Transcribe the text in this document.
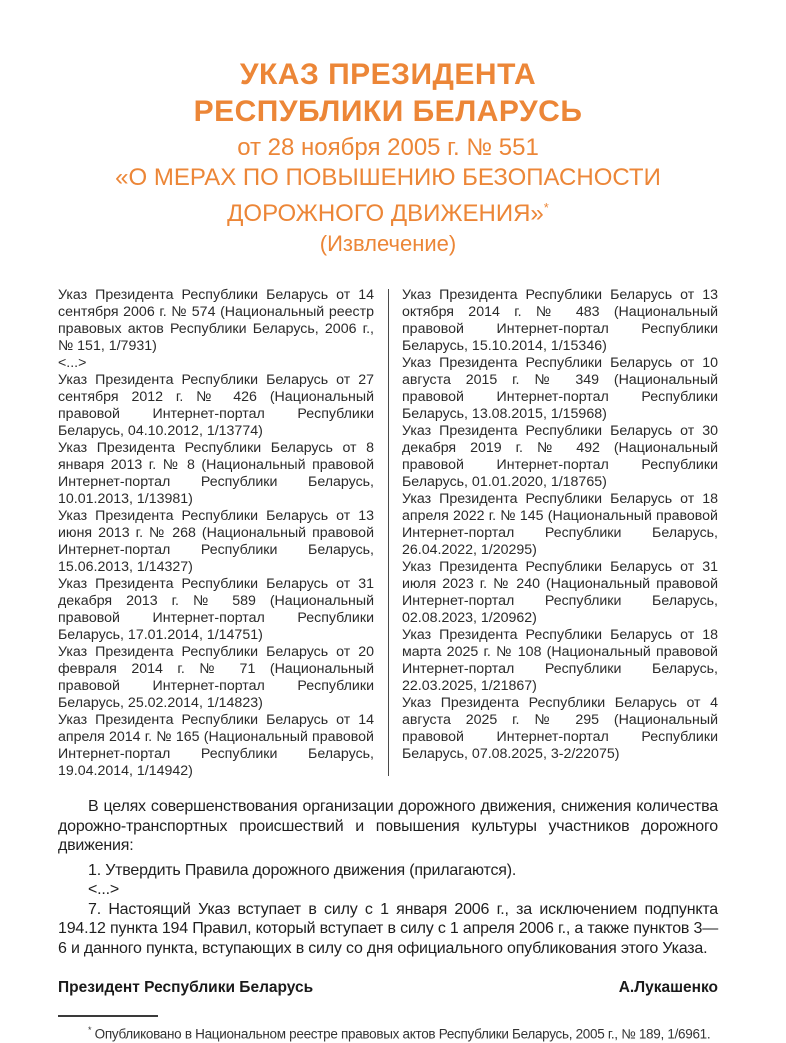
УКАЗ ПРЕЗИДЕНТА
РЕСПУБЛИКИ БЕЛАРУСЬ
от 28 ноября 2005 г. № 551
«О МЕРАХ ПО ПОВЫШЕНИЮ БЕЗОПАСНОСТИ
ДОРОЖНОГО ДВИЖЕНИЯ»*
(Извлечение)

Указ Президента Республики Беларусь от 14 сентября 2006 г. № 574 (Национальный реестр правовых актов Республики Беларусь, 2006 г., № 151, 1/7931)

<...>

Указ Президента Республики Беларусь от 27 сентября 2012 г. № 426 (Национальный правовой Интернет-портал Республики Беларусь, 04.10.2012, 1/13774)

Указ Президента Республики Беларусь от 8 января 2013 г. № 8 (Национальный правовой Интернет-портал Республики Беларусь, 10.01.2013, 1/13981)

Указ Президента Республики Беларусь от 13 июня 2013 г. № 268 (Национальный правовой Интернет-портал Республики Беларусь, 15.06.2013, 1/14327)

Указ Президента Республики Беларусь от 31 декабря 2013 г. № 589 (Национальный правовой Интернет-портал Республики Беларусь, 17.01.2014, 1/14751)

Указ Президента Республики Беларусь от 20 февраля 2014 г. № 71 (Национальный правовой Интернет-портал Республики Беларусь, 25.02.2014, 1/14823)

Указ Президента Республики Беларусь от 14 апреля 2014 г. № 165 (Национальный правовой Интернет-портал Республики Беларусь, 19.04.2014, 1/14942)

Указ Президента Республики Беларусь от 13 октября 2014 г. № 483 (Национальный правовой Интернет-портал Республики Беларусь, 15.10.2014, 1/15346)

Указ Президента Республики Беларусь от 10 августа 2015 г. № 349 (Национальный правовой Интернет-портал Республики Беларусь, 13.08.2015, 1/15968)

Указ Президента Республики Беларусь от 30 декабря 2019 г. № 492 (Национальный правовой Интернет-портал Республики Беларусь, 01.01.2020, 1/18765)

Указ Президента Республики Беларусь от 18 апреля 2022 г. № 145 (Национальный правовой Интернет-портал Республики Беларусь, 26.04.2022, 1/20295)

Указ Президента Республики Беларусь от 31 июля 2023 г. № 240 (Национальный правовой Интернет-портал Республики Беларусь, 02.08.2023, 1/20962)

Указ Президента Республики Беларусь от 18 марта 2025 г. № 108 (Национальный правовой Интернет-портал Республики Беларусь, 22.03.2025, 1/21867)

Указ Президента Республики Беларусь от 4 августа 2025 г. № 295 (Национальный правовой Интернет-портал Республики Беларусь, 07.08.2025, 3-2/22075)

В целях совершенствования организации дорожного движения, снижения количества дорожно-транспортных происшествий и повышения культуры участников дорожного движения:

1. Утвердить Правила дорожного движения (прилагаются).

<...>

7. Настоящий Указ вступает в силу с 1 января 2006 г., за исключением подпункта 194.12 пункта 194 Правил, который вступает в силу с 1 апреля 2006 г., а также пунктов 3—6 и данного пункта, вступающих в силу со дня официального опубликования этого Указа.

Президент Республики Беларусь	А.Лукашенко

* Опубликовано в Национальном реестре правовых актов Республики Беларусь, 2005 г., № 189, 1/6961.
